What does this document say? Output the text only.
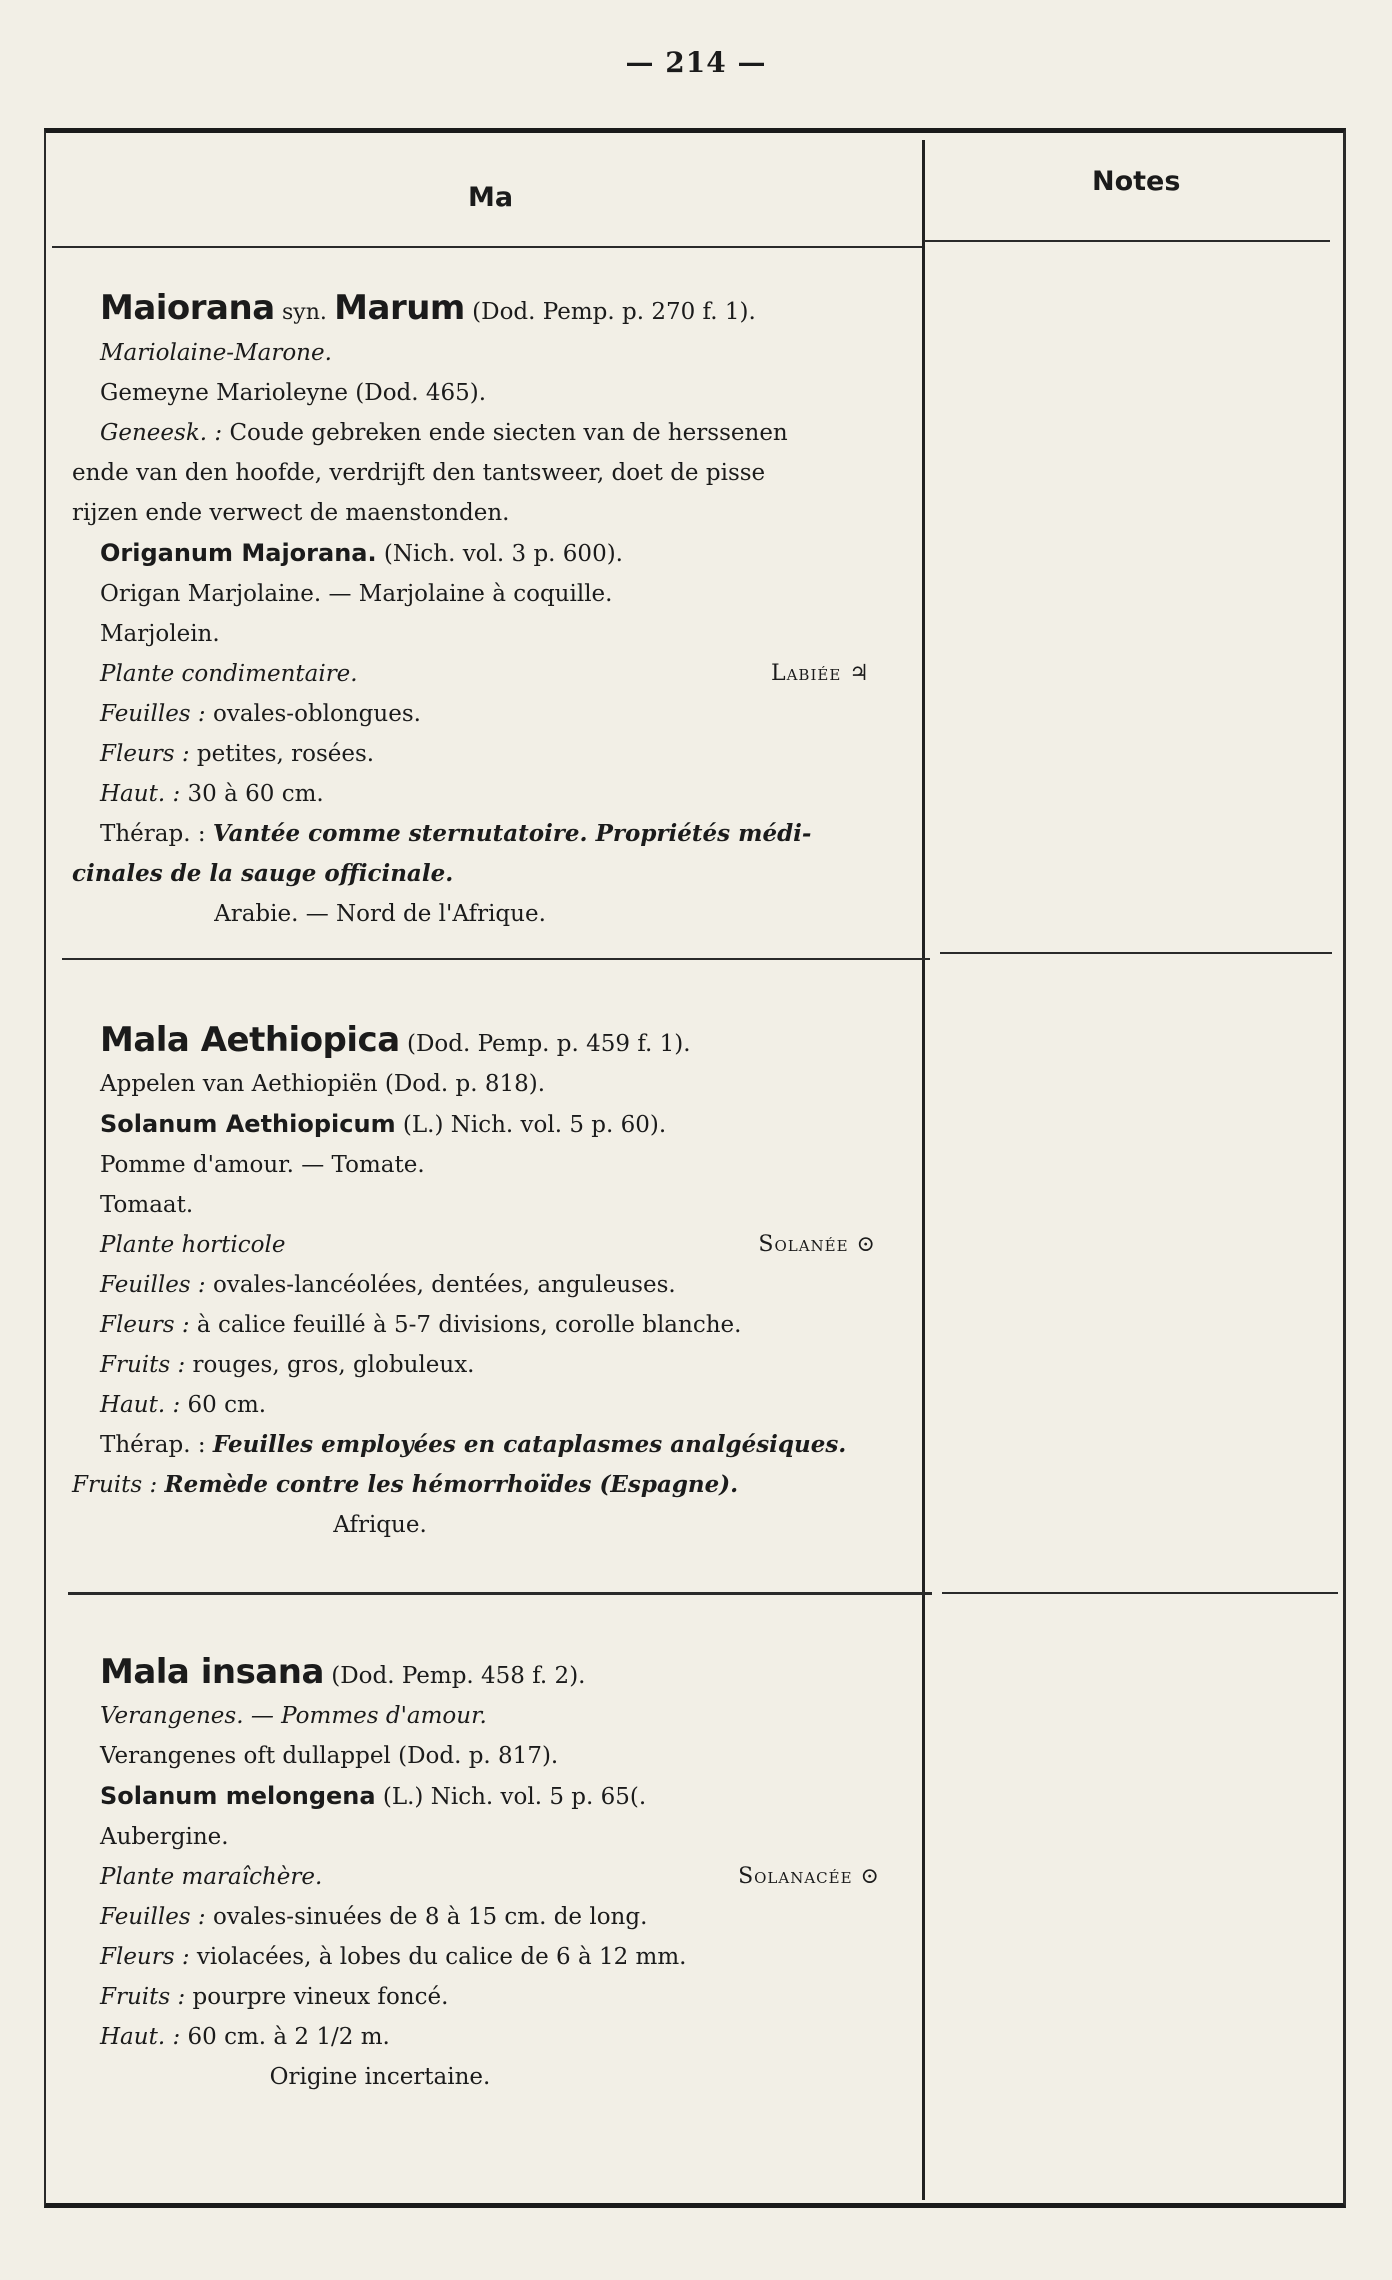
— 214 —
Ma
Notes
Maiorana syn. Marum (Dod. Pemp. p. 270 f. 1).
Mariolaine-Marone.
Gemeyne Marioleyne (Dod. 465).
Geneesk. : Coude gebreken ende siecten van de herssenen
ende van den hoofde, verdrijft den tantsweer, doet de pisse
rijzen ende verwect de maenstonden.
Origanum Majorana. (Nich. vol. 3 p. 600).
Origan Marjolaine. — Marjolaine à coquille.
Marjolein.
Plante condimentaire.	Labiée ♃
Feuilles : ovales-oblongues.
Fleurs : petites, rosées.
Haut. : 30 à 60 cm.
Thérap. : Vantée comme sternutatoire. Propriétés médi-
cinales de la sauge officinale.
Arabie. — Nord de l'Afrique.
Mala Aethiopica (Dod. Pemp. p. 459 f. 1).
Appelen van Aethiopiën (Dod. p. 818).
Solanum Aethiopicum (L.) Nich. vol. 5 p. 60).
Pomme d'amour. — Tomate.
Tomaat.
Plante horticole	Solanée ⊙
Feuilles : ovales-lancéolées, dentées, anguleuses.
Fleurs : à calice feuillé à 5-7 divisions, corolle blanche.
Fruits : rouges, gros, globuleux.
Haut. : 60 cm.
Thérap. : Feuilles employées en cataplasmes analgésiques.
Fruits : Remède contre les hémorrhoïdes (Espagne).
Afrique.
Mala insana (Dod. Pemp. 458 f. 2).
Verangenes. — Pommes d'amour.
Verangenes oft dullappel (Dod. p. 817).
Solanum melongena (L.) Nich. vol. 5 p. 65(.
Aubergine.
Plante maraîchère.	Solanacée ⊙
Feuilles : ovales-sinuées de 8 à 15 cm. de long.
Fleurs : violacées, à lobes du calice de 6 à 12 mm.
Fruits : pourpre vineux foncé.
Haut. : 60 cm. à 2 1/2 m.
Origine incertaine.
